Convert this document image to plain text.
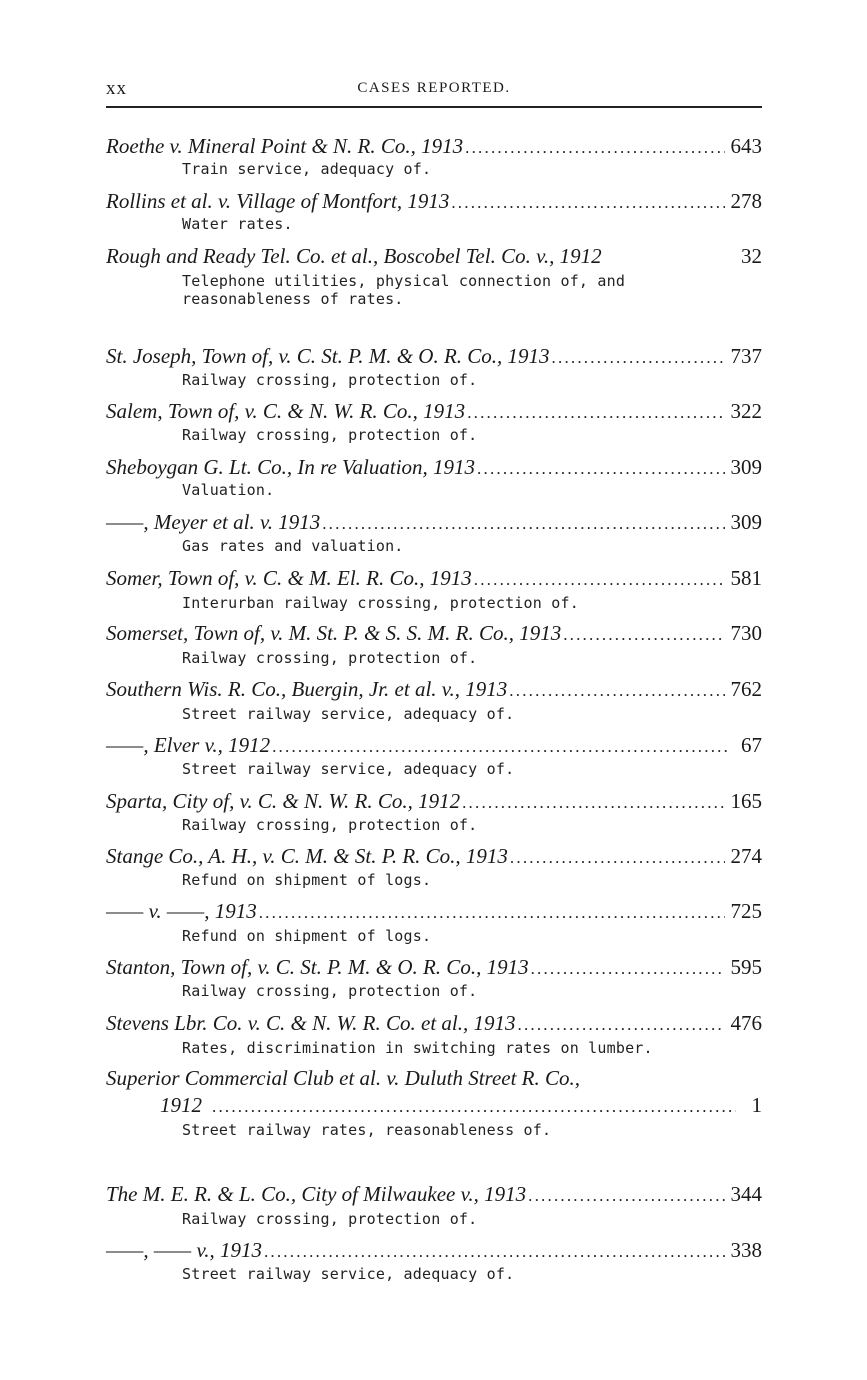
xx	CASES REPORTED.
Roethe v. Mineral Point & N. R. Co., 1913 .....	643
Train service, adequacy of.
Rollins et al. v. Village of Montfort, 1913 .....	278
Water rates.
Rough and Ready Tel. Co. et al., Boscobel Tel. Co. v., 1912	32
Telephone utilities, physical connection of, and reasonableness of rates.
St. Joseph, Town of, v. C. St. P. M. & O. R. Co., 1913 .....	737
Railway crossing, protection of.
Salem, Town of, v. C. & N. W. R. Co., 1913 .....	322
Railway crossing, protection of.
Sheboygan G. Lt. Co., In re Valuation, 1913 .....	309
Valuation.
——, Meyer et al. v. 1913 .....	309
Gas rates and valuation.
Somer, Town of, v. C. & M. El. R. Co., 1913 .....	581
Interurban railway crossing, protection of.
Somerset, Town of, v. M. St. P. & S. S. M. R. Co., 1913 .....	730
Railway crossing, protection of.
Southern Wis. R. Co., Buergin, Jr. et al. v., 1913 .....	762
Street railway service, adequacy of.
——, Elver v., 1912 .....	67
Street railway service, adequacy of.
Sparta, City of, v. C. & N. W. R. Co., 1912 .....	165
Railway crossing, protection of.
Stange Co., A. H., v. C. M. & St. P. R. Co., 1913 .....	274
Refund on shipment of logs.
—— v. ——, 1913 .....	725
Refund on shipment of logs.
Stanton, Town of, v. C. St. P. M. & O. R. Co., 1913 .....	595
Railway crossing, protection of.
Stevens Lbr. Co. v. C. & N. W. R. Co. et al., 1913 .....	476
Rates, discrimination in switching rates on lumber.
Superior Commercial Club et al. v. Duluth Street R. Co.,
1912 .....	1
Street railway rates, reasonableness of.
The M. E. R. & L. Co., City of Milwaukee v., 1913 .....	344
Railway crossing, protection of.
——, —— v., 1913 .....	338
Street railway service, adequacy of.
